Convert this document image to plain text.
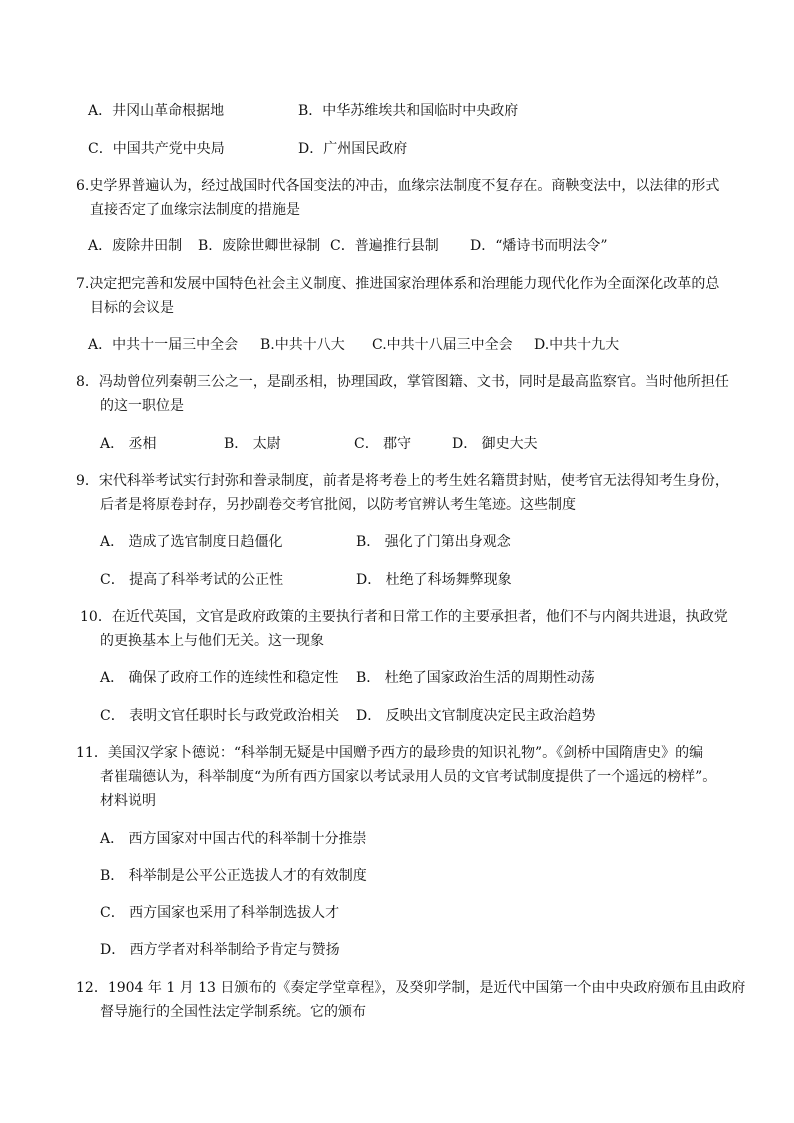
A．井冈山革命根据地	B．中华苏维埃共和国临时中央政府
C．中国共产党中央局	D．广州国民政府
6.史学界普遍认为，经过战国时代各国变法的冲击，血缘宗法制度不复存在。商鞅变法中，以法律的形式
直接否定了血缘宗法制度的措施是
A．废除井田制 B．废除世卿世禄制 C．普遍推行县制 D．“燔诗书而明法令”
7.决定把完善和发展中国特色社会主义制度、推进国家治理体系和治理能力现代化作为全面深化改革的总
目标的会议是
A．中共十一届三中全会 B.中共十八大 C.中共十八届三中全会 D.中共十九大
8．冯劫曾位列秦朝三公之一，是副丞相，协理国政，掌管图籍、文书，同时是最高监察官。当时他所担任
的这一职位是
A． 丞相	B． 太尉	C． 郡守	D． 御史大夫
9．宋代科举考试实行封弥和誊录制度，前者是将考卷上的考生姓名籍贯封贴，使考官无法得知考生身份，
后者是将原卷封存，另抄副卷交考官批阅，以防考官辨认考生笔迹。这些制度
A． 造成了选官制度日趋僵化	B． 强化了门第出身观念
C． 提高了科举考试的公正性	D． 杜绝了科场舞弊现象
10．在近代英国，文官是政府政策的主要执行者和日常工作的主要承担者，他们不与内阁共进退，执政党
的更换基本上与他们无关。这一现象
A． 确保了政府工作的连续性和稳定性 B． 杜绝了国家政治生活的周期性动荡
C． 表明文官任职时长与政党政治相关 D． 反映出文官制度决定民主政治趋势
11．美国汉学家卜德说：“科举制无疑是中国赠予西方的最珍贵的知识礼物”。《剑桥中国隋唐史》的编
者崔瑞德认为，科举制度“为所有西方国家以考试录用人员的文官考试制度提供了一个遥远的榜样”。
材料说明
A． 西方国家对中国古代的科举制十分推崇
B． 科举制是公平公正选拔人才的有效制度
C． 西方国家也采用了科举制选拔人才
D． 西方学者对科举制给予肯定与赞扬
12．1904 年 1 月 13 日颁布的《奏定学堂章程》，及癸卯学制，是近代中国第一个由中央政府颁布且由政府
督导施行的全国性法定学制系统。它的颁布
